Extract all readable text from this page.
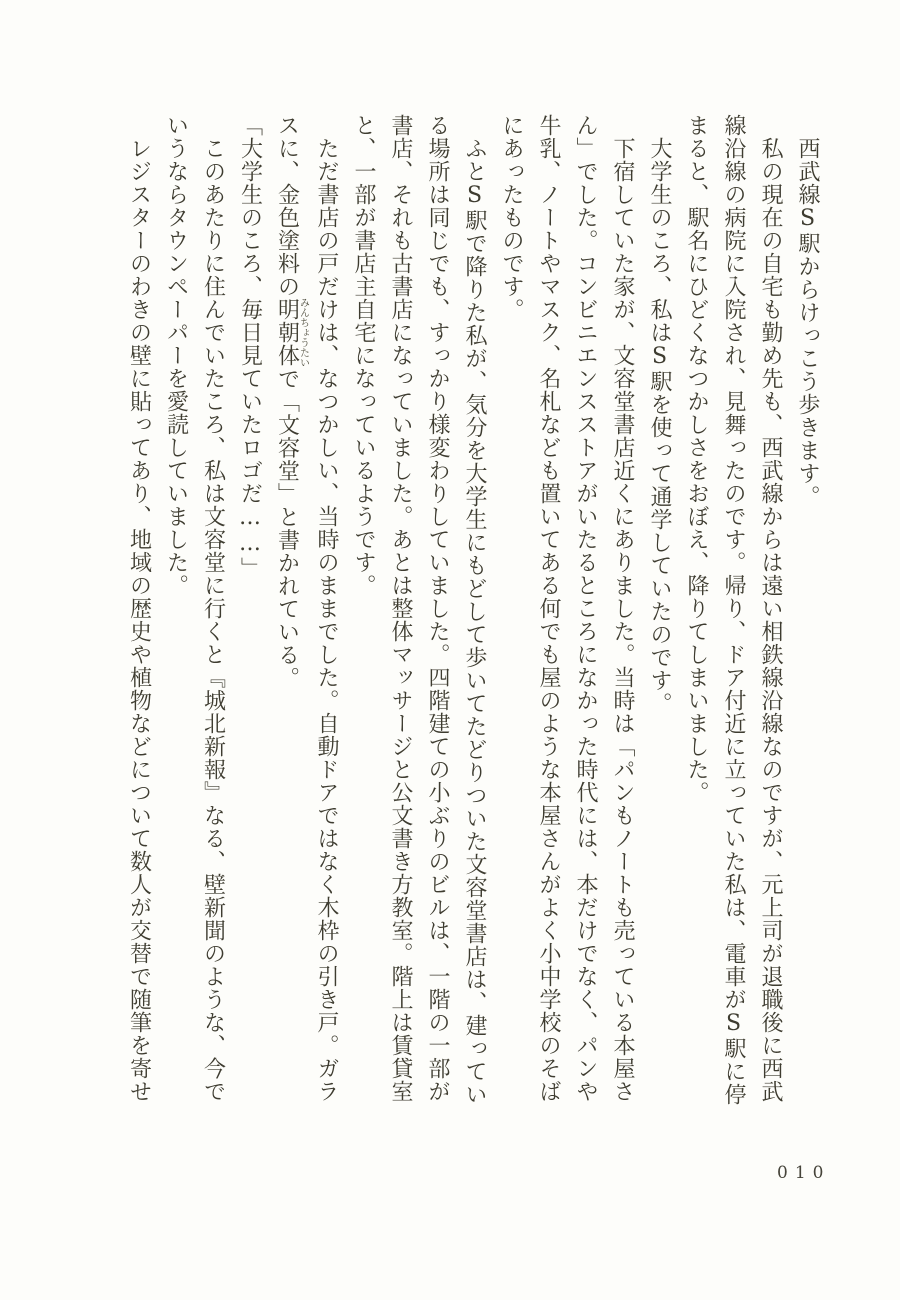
西武線S駅からけっこう歩きます。
私の現在の自宅も勤め先も、西武線からは遠い相鉄線沿線なのですが、元上司が退職後に西武
線沿線の病院に入院され、見舞ったのです。帰り、ドア付近に立っていた私は、電車がS駅に停
まると、駅名にひどくなつかしさをおぼえ、降りてしまいました。
大学生のころ、私はS駅を使って通学していたのです。
下宿していた家が、文容堂書店近くにありました。当時は「パンもノートも売っている本屋さ
ん」でした。コンビニエンスストアがいたるところになかった時代には、本だけでなく、パンや
牛乳、ノートやマスク、名札なども置いてある何でも屋のような本屋さんがよく小中学校のそば
にあったものです。
ふとS駅で降りた私が、気分を大学生にもどして歩いてたどりついた文容堂書店は、建ってい
る場所は同じでも、すっかり様変わりしていました。四階建ての小ぶりのビルは、一階の一部が
書店、それも古書店になっていました。あとは整体マッサージと公文書き方教室。階上は賃貸室
と、一部が書店主自宅になっているようです。
ただ書店の戸だけは、なつかしい、当時のままでした。自動ドアではなく木枠の引き戸。ガラ
スに、金色塗料の明朝体みんちょうたいで「文容堂」と書かれている。
「大学生のころ、毎日見ていたロゴだ……」
このあたりに住んでいたころ、私は文容堂に行くと『城北新報』なる、壁新聞のような、今で
いうならタウンペーパーを愛読していました。
レジスターのわきの壁に貼ってあり、地域の歴史や植物などについて数人が交替で随筆を寄せ
010
